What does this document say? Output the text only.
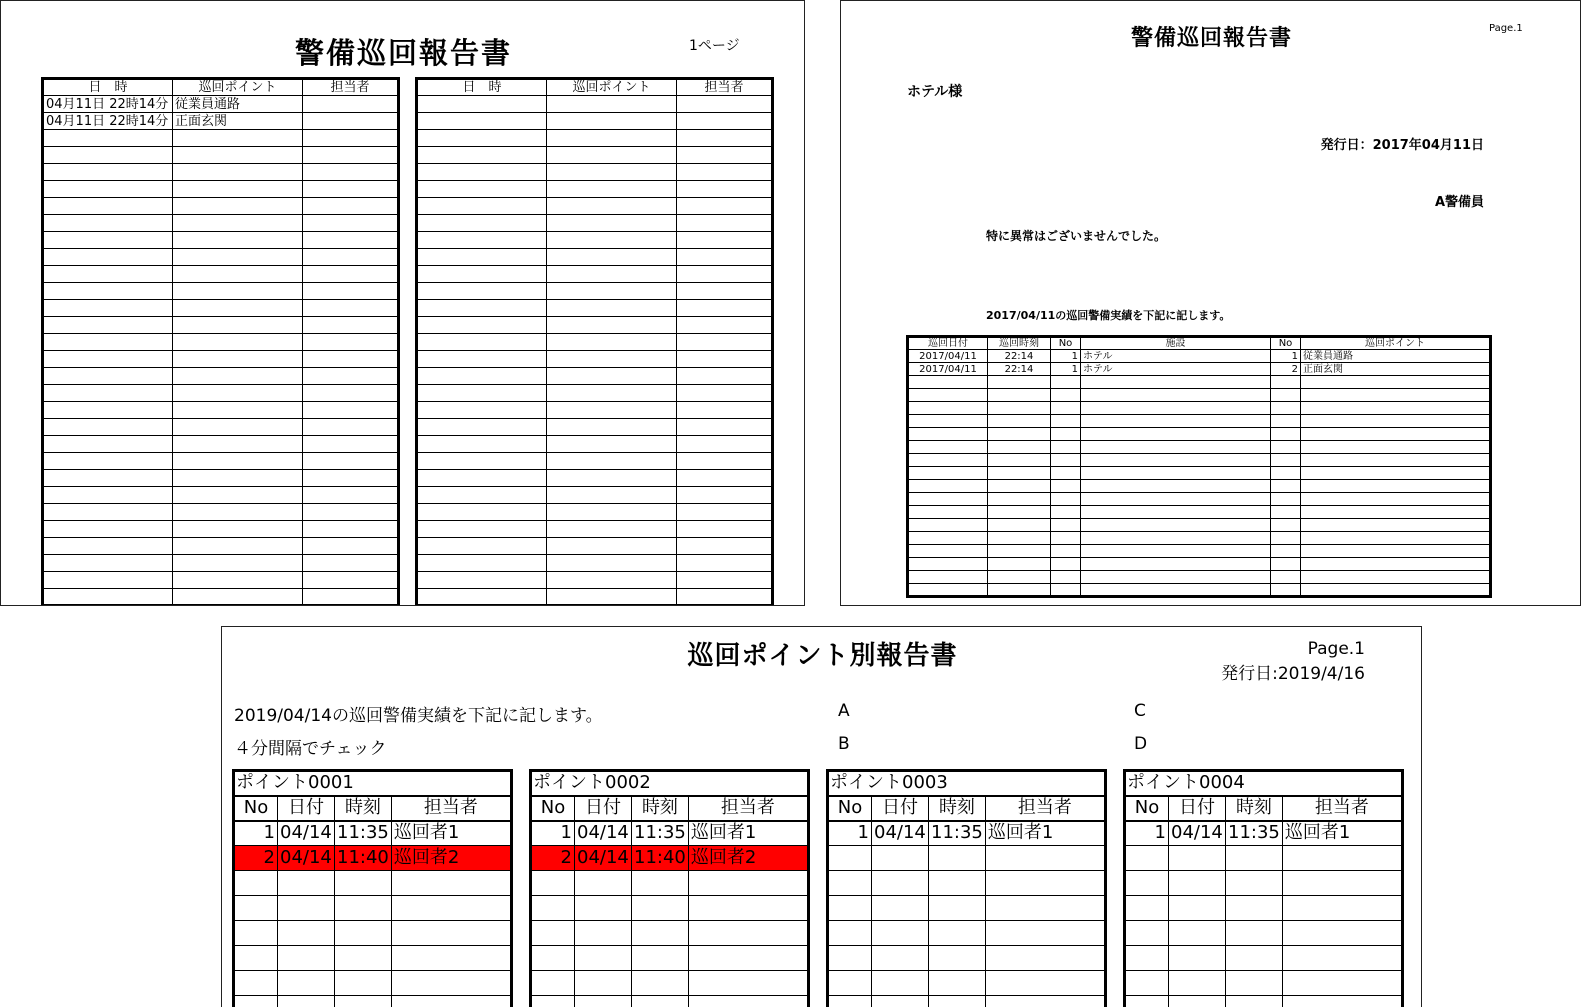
警備巡回報告書	1ページ
日　時	巡回ポイント	担当者
04月11日 22時14分	従業員通路	
04月11日 22時14分	正面玄関	

日　時	巡回ポイント	担当者

警備巡回報告書	Page.1
ホテル様
発行日：2017年04月11日
A警備員
特に異常はございませんでした。
2017/04/11の巡回警備実績を下記に記します。
巡回日付	巡回時刻	No	施設	No	巡回ポイント
2017/04/11	22:14	1	ホテル	1	従業員通路
2017/04/11	22:14	1	ホテル	2	正面玄関

巡回ポイント別報告書	Page.1
発行日:2019/4/16
2019/04/14の巡回警備実績を下記に記します。
４分間隔でチェック
A
B
C
D
ポイント0001			
No	日付	時刻	担当者
1	04/14	11:35	巡回者1
2	04/14	11:40	巡回者2

ポイント0002			
No	日付	時刻	担当者
1	04/14	11:35	巡回者1
2	04/14	11:40	巡回者2

ポイント0003			
No	日付	時刻	担当者
1	04/14	11:35	巡回者1

ポイント0004			
No	日付	時刻	担当者
1	04/14	11:35	巡回者1
